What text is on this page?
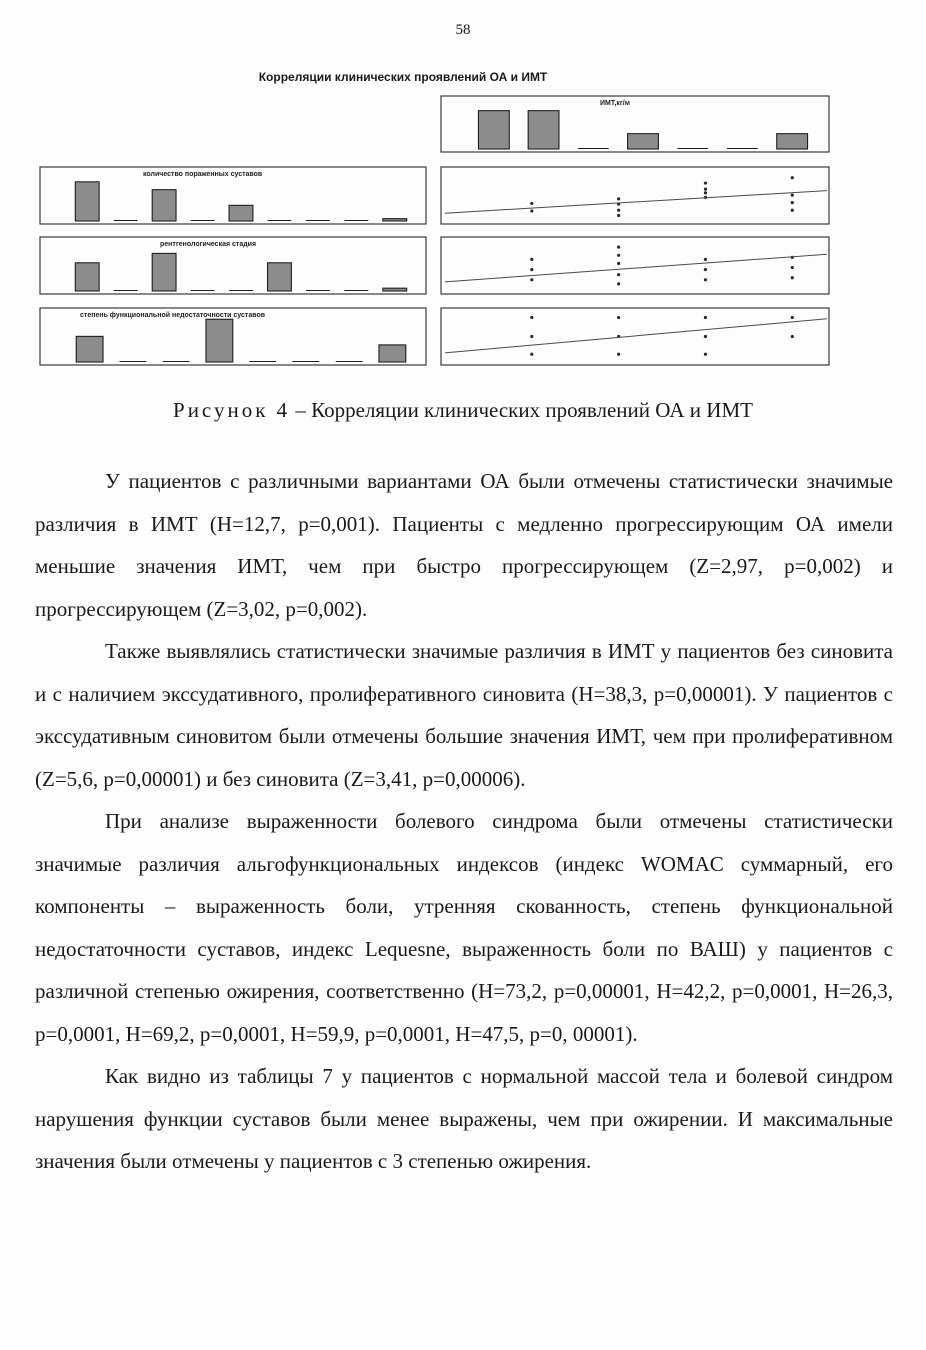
58
Корреляции клинических проявлений ОА и ИМТ
ИМТ,кг/м
количество пораженных суставов
рентгенологическая стадия
степень функциональной недостаточности суставов
Рисунок 4 – Корреляции клинических проявлений ОА и ИМТ

У пациентов с различными вариантами ОА были отмечены статистически значимые различия в ИМТ (H=12,7, p=0,001). Пациенты с медленно прогрессирующим ОА имели меньшие значения ИМТ, чем при быстро прогрессирующем (Z=2,97, p=0,002) и прогрессирующем (Z=3,02, p=0,002).

Также выявлялись статистически значимые различия в ИМТ у пациентов без синовита и с наличием экссудативного, пролиферативного синовита (H=38,3, p=0,00001). У пациентов с экссудативным синовитом были отмечены большие значения ИМТ, чем при пролиферативном (Z=5,6, p=0,00001) и без синовита (Z=3,41, p=0,00006).

При анализе выраженности болевого синдрома были отмечены статистически значимые различия альгофункциональных индексов (индекс WOMAC суммарный, его компоненты – выраженность боли, утренняя скованность, степень функциональной недостаточности суставов, индекс Lequesne, выраженность боли по ВАШ) у пациентов с различной степенью ожирения, соответственно (H=73,2, p=0,00001, H=42,2, p=0,0001, H=26,3, p=0,0001, H=69,2, p=0,0001, H=59,9, p=0,0001, H=47,5, p=0, 00001).

Как видно из таблицы 7 у пациентов с нормальной массой тела и болевой синдром нарушения функции суставов были менее выражены, чем при ожирении. И максимальные значения были отмечены у пациентов с 3 степенью ожирения.
